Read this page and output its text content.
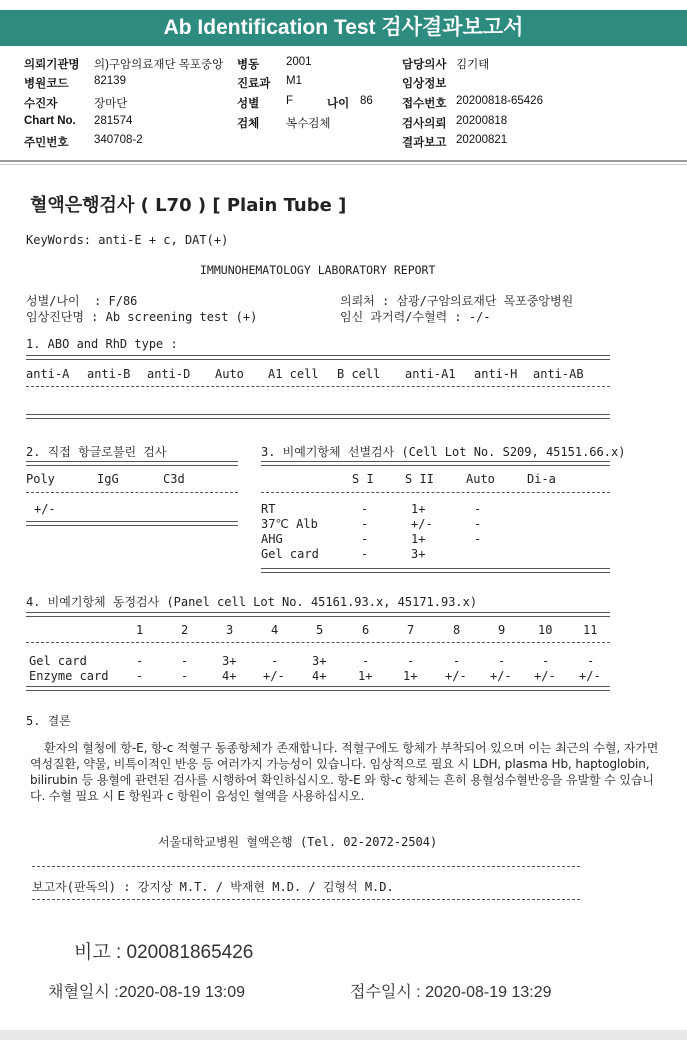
Ab Identification Test 검사결과보고서
의뢰기관명 의)구암의료재단 목포중앙 병동 2001	담당의사 김기태
병원코드 82139	진료과 M1	임상정보
수진자	장마단	성별 F	나이 86	접수번호 20200818-65426
Chart No. 281574	검체 복수검체	검사의뢰 20200818
주민번호 340708-2	결과보고 20200821
혈액은행검사 ( L70 ) [ Plain Tube ]
KeyWords: anti-E + c, DAT(+)
IMMUNOHEMATOLOGY LABORATORY REPORT
성별/나이  : F/86	의뢰처 : 삼광/구암의료재단 목포중앙병원
임상진단명 : Ab screening test (+)	임신 과거력/수혈력 : -/-
1. ABO and RhD type :
anti-A anti-B anti-D Auto A1 cell B cell anti-A1 anti-H anti-AB
2. 직접 항글로불린 검사
Poly	IgG	C3d
+/-
3. 비예기항체 선별검사 (Cell Lot No. S209, 45151.66.x)
S I	S II	Auto	Di-a
RT	-	1+	-
37℃ Alb	-	+/-	-
AHG	-	1+	-
Gel card	-	3+
4. 비예기항체 동정검사 (Panel cell Lot No. 45161.93.x, 45171.93.x)
1	2	3	4	5	6	7	8	9	10	11
Gel card	-	-	3+	-	3+	-	-	-	-	-	-
Enzyme card -	-	4+ +/- 4+	1+	1+ +/- +/- +/- +/-
5. 결론
환자의 혈청에 항-E, 항-c 적혈구 동종항체가 존재합니다. 적혈구에도 항체가 부착되어 있으며 이는 최근의 수혈, 자가면역성질환, 약물, 비특이적인 반응 등 여러가지 가능성이 있습니다. 임상적으로 필요 시 LDH, plasma Hb, haptoglobin, bilirubin 등 용혈에 관련된 검사를 시행하여 확인하십시오. 항-E 와 항-c 항체는 흔히 용혈성수혈반응을 유발할 수 있습니다. 수혈 필요 시 E 항원과 c 항원이 음성인 혈액을 사용하십시오.
서울대학교병원 혈액은행 (Tel. 02-2072-2504)
보고자(판독의) : 강지상 M.T. / 박재현 M.D. / 김형석 M.D.
비고 : 020081865426
채혈일시 :2020-08-19 13:09	접수일시 : 2020-08-19 13:29
